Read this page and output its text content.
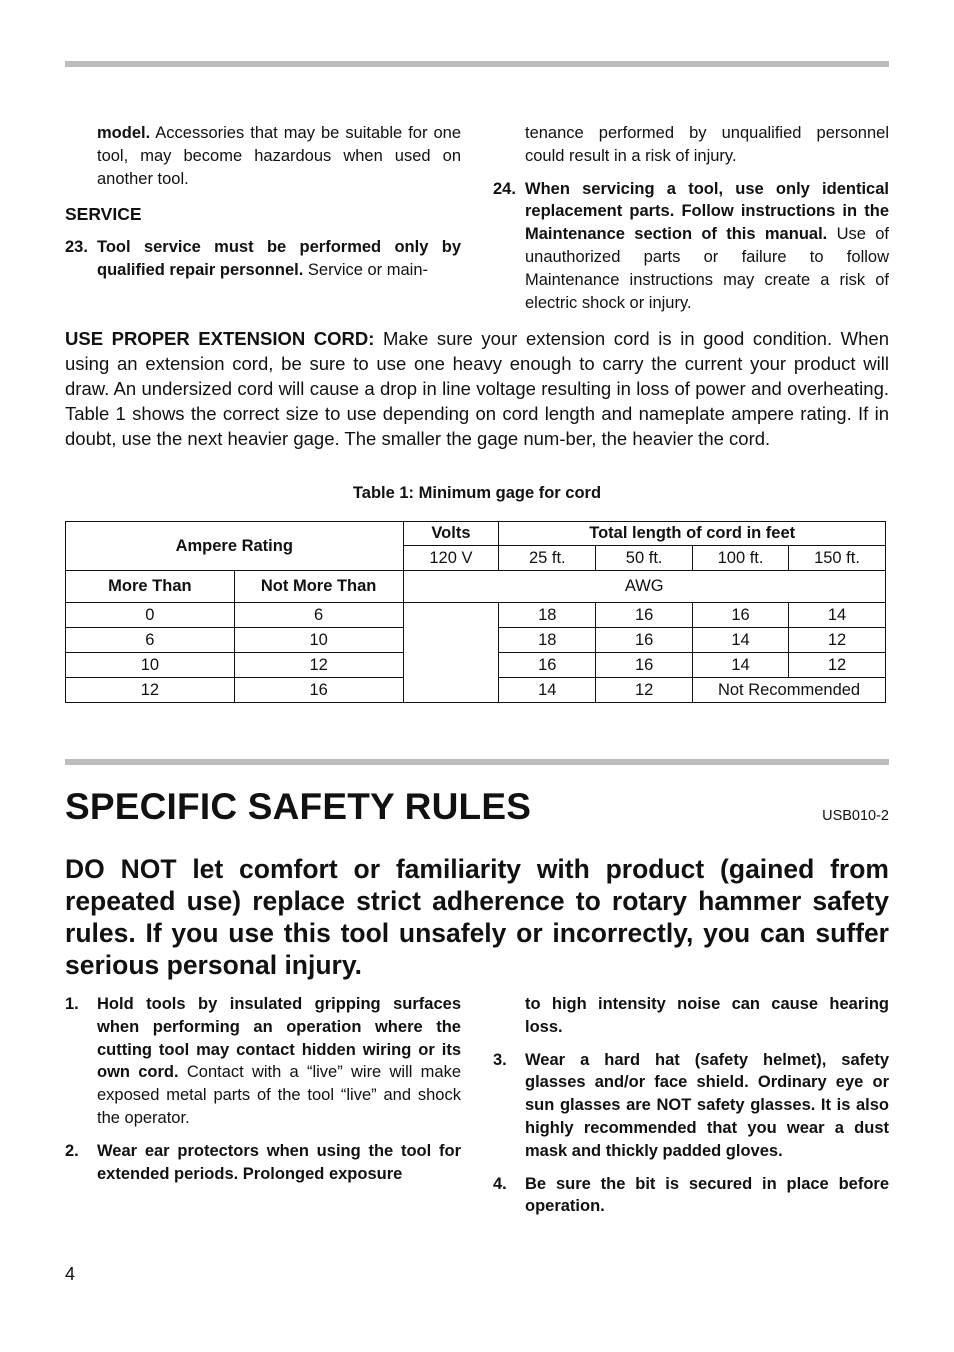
model. Accessories that may be suitable for one tool, may become hazardous when used on another tool.

SERVICE

23. Tool service must be performed only by qualified repair personnel. Service or main-

tenance performed by unqualified personnel could result in a risk of injury.

24. When servicing a tool, use only identical replacement parts. Follow instructions in the Maintenance section of this manual. Use of unauthorized parts or failure to follow Maintenance instructions may create a risk of electric shock or injury.

USE PROPER EXTENSION CORD: Make sure your extension cord is in good condition. When using an extension cord, be sure to use one heavy enough to carry the current your product will draw. An undersized cord will cause a drop in line voltage resulting in loss of power and overheating. Table 1 shows the correct size to use depending on cord length and nameplate ampere rating. If in doubt, use the next heavier gage. The smaller the gage num-ber, the heavier the cord.

Table 1: Minimum gage for cord
Ampere Rating		Volts	Total length of cord in feet			
		120 V	25 ft.	50 ft.	100 ft.	150 ft.
More Than	Not More Than	AWG				
0	6		18	16	16	14
6	10		18	16	14	12
10	12		16	16	14	12
12	16		14	12	Not Recommended	
SPECIFIC SAFETY RULES	USB010-2

DO NOT let comfort or familiarity with product (gained from repeated use) replace strict adherence to rotary hammer safety rules. If you use this tool unsafely or incorrectly, you can suffer serious personal injury.

1. Hold tools by insulated gripping surfaces when performing an operation where the cutting tool may contact hidden wiring or its own cord. Contact with a “live” wire will make exposed metal parts of the tool “live” and shock the operator.

2. Wear ear protectors when using the tool for extended periods. Prolonged exposure

to high intensity noise can cause hearing loss.

3. Wear a hard hat (safety helmet), safety glasses and/or face shield. Ordinary eye or sun glasses are NOT safety glasses. It is also highly recommended that you wear a dust mask and thickly padded gloves.

4. Be sure the bit is secured in place before operation.

4
